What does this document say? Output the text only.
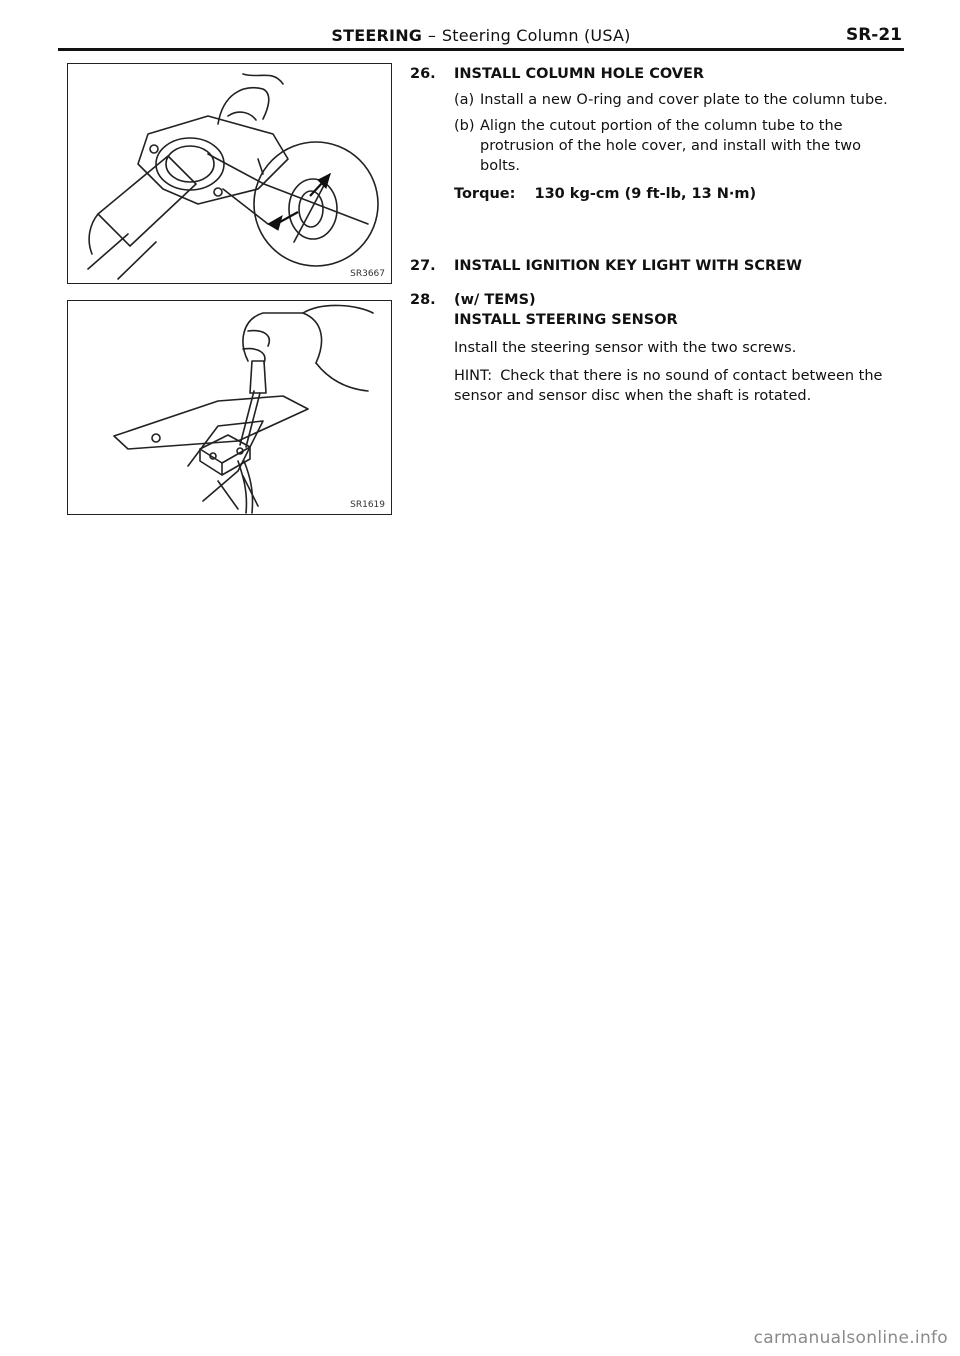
STEERING – Steering Column (USA)	SR-21
SR3667
SR1619
26.	INSTALL COLUMN HOLE COVER
(a) Install a new O-ring and cover plate to the column tube.
(b) Align the cutout portion of the column tube to the protrusion of the hole cover, and install with the two bolts.
Torque: 130 kg-cm (9 ft-lb, 13 N·m)
27.	INSTALL IGNITION KEY LIGHT WITH SCREW
28.	(w/ TEMS)
INSTALL STEERING SENSOR
Install the steering sensor with the two screws.
HINT: Check that there is no sound of contact between the sensor and sensor disc when the shaft is rotated.
carmanualsonline.info
